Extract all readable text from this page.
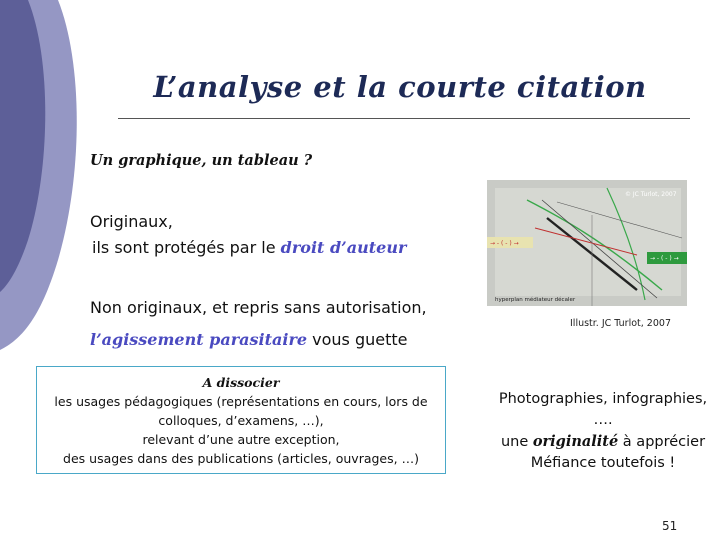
L’analyse et la courte citation
Un graphique, un tableau ?
Originaux,
ils sont protégés par le droit d’auteur
Non originaux, et repris sans autorisation,
l’agissement parasitaire vous guette
A dissocier
les usages pédagogiques (représentations en cours, lors de
colloques, d’examens, …),
relevant d’une autre exception,
des usages dans des publications (articles, ouvrages, …)
© JC Turlot, 2007
→ - ( - ) →
→ - ( - ) →
hyperplan médiateur décaler
Illustr. JC Turlot, 2007
Photographies, infographies,
….
une originalité à apprécier
Méfiance toutefois !
51
